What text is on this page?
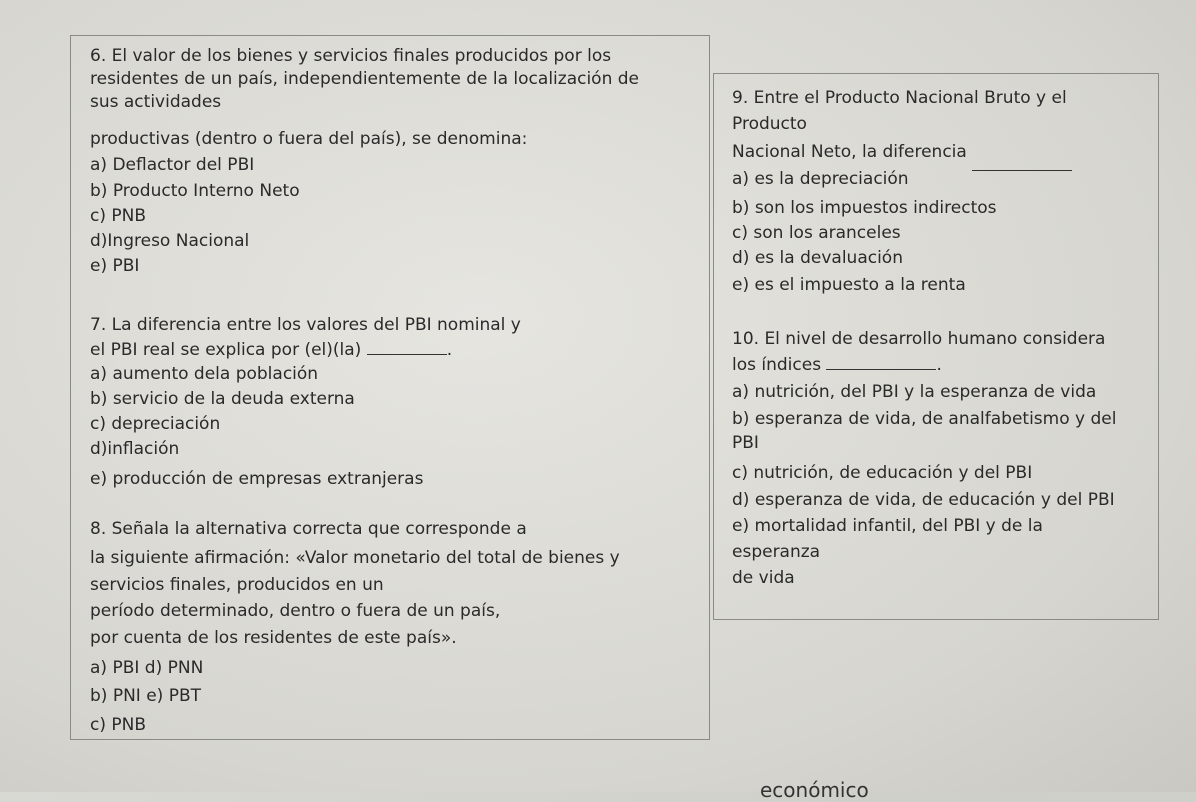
6. El valor de los bienes y servicios finales producidos por los
residentes de un país, independientemente de la localización de
sus actividades
productivas (dentro o fuera del país), se denomina:
a) Deflactor del PBI
b) Producto Interno Neto
c) PNB
d)Ingreso Nacional
e) PBI
7. La diferencia entre los valores del PBI nominal y
el PBI real se explica por (el)(la)	.
a) aumento dela población
b) servicio de la deuda externa
c) depreciación
d)inflación
e) producción de empresas extranjeras
8. Señala la alternativa correcta que corresponde a
la siguiente afirmación: «Valor monetario del total de bienes y
servicios finales, producidos en un
período determinado, dentro o fuera de un país,
por cuenta de los residentes de este país».
a) PBI d) PNN
b) PNI e) PBT
c) PNB
9. Entre el Producto Nacional Bruto y el
Producto
Nacional Neto, la diferencia
a) es la depreciación
b) son los impuestos indirectos
c) son los aranceles
d) es la devaluación
e) es el impuesto a la renta
10. El nivel de desarrollo humano considera
los índices	.
a) nutrición, del PBI y la esperanza de vida
b) esperanza de vida, de analfabetismo y del
PBI
c) nutrición, de educación y del PBI
d) esperanza de vida, de educación y del PBI
e) mortalidad infantil, del PBI y de la
esperanza
de vida
económico
